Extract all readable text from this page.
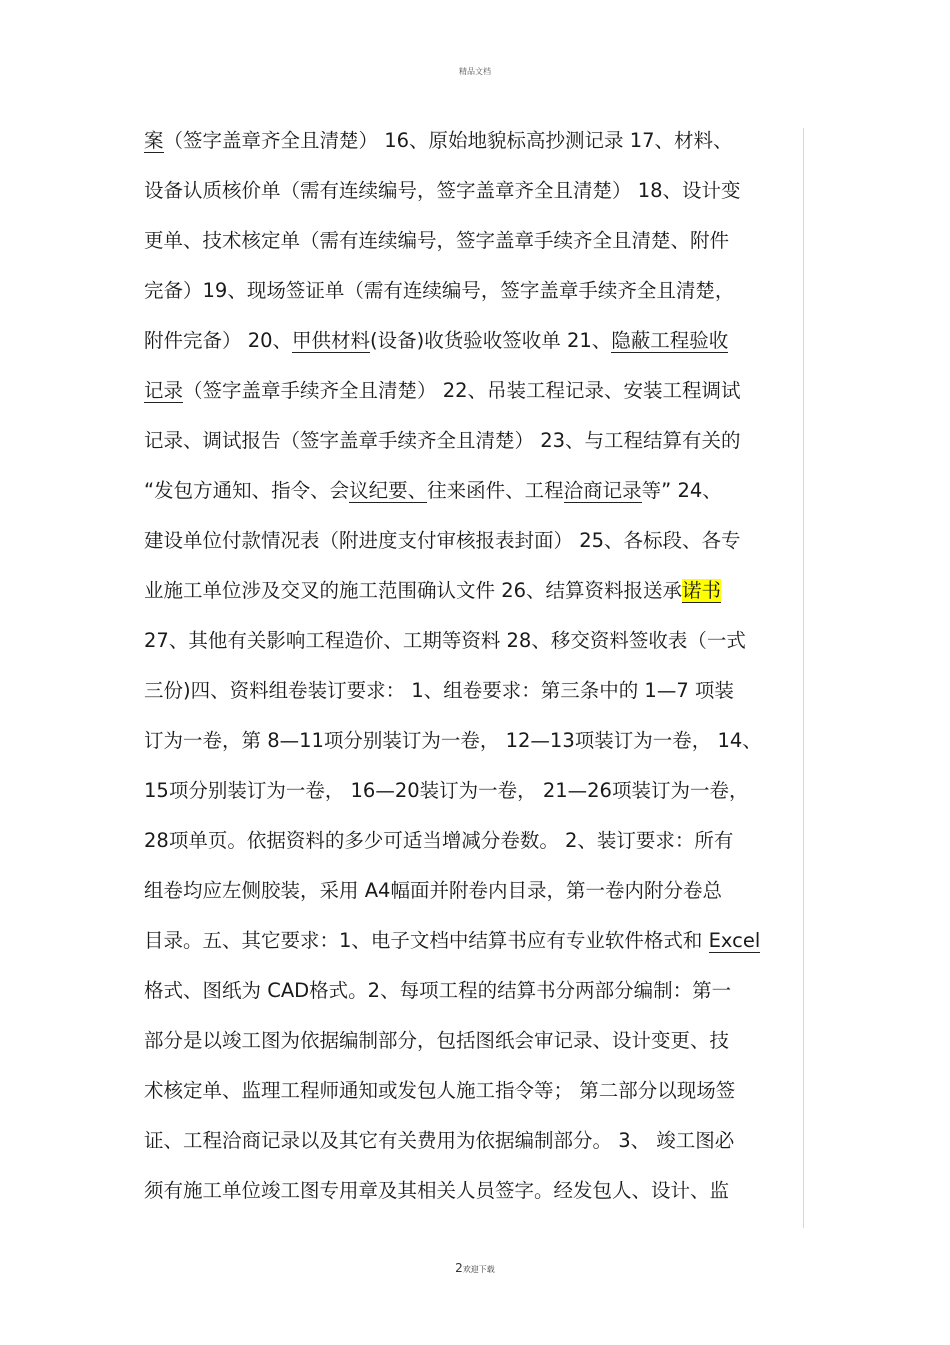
精品文档
案（签字盖章齐全且清楚） 16、原始地貌标高抄测记录 17、材料、
设备认质核价单（需有连续编号，签字盖章齐全且清楚） 18、设计变
更单、技术核定单（需有连续编号，签字盖章手续齐全且清楚、附件
完备）19、现场签证单（需有连续编号，签字盖章手续齐全且清楚，
附件完备） 20、甲供材料(设备)收货验收签收单 21、隐蔽工程验收
记录（签字盖章手续齐全且清楚） 22、吊装工程记录、安装工程调试
记录、调试报告（签字盖章手续齐全且清楚） 23、与工程结算有关的
“发包方通知、指令、会议纪要、往来函件、工程洽商记录等” 24、
建设单位付款情况表（附进度支付审核报表封面） 25、各标段、各专
业施工单位涉及交叉的施工范围确认文件 26、结算资料报送承诺书
27、其他有关影响工程造价、工期等资料 28、移交资料签收表（一式
三份)四、资料组卷装订要求： 1、组卷要求：第三条中的 1—7 项装
订为一卷，第 8—11项分别装订为一卷， 12—13项装订为一卷， 14、
15项分别装订为一卷， 16—20装订为一卷， 21—26项装订为一卷，
28项单页。依据资料的多少可适当增减分卷数。 2、装订要求：所有
组卷均应左侧胶装，采用 A4幅面并附卷内目录，第一卷内附分卷总
目录。五、其它要求：1、电子文档中结算书应有专业软件格式和 Excel
格式、图纸为 CAD格式。2、每项工程的结算书分两部分编制：第一
部分是以竣工图为依据编制部分，包括图纸会审记录、设计变更、技
术核定单、监理工程师通知或发包人施工指令等； 第二部分以现场签
证、工程洽商记录以及其它有关费用为依据编制部分。 3、 竣工图必
须有施工单位竣工图专用章及其相关人员签字。经发包人、设计、监
2欢迎下载
